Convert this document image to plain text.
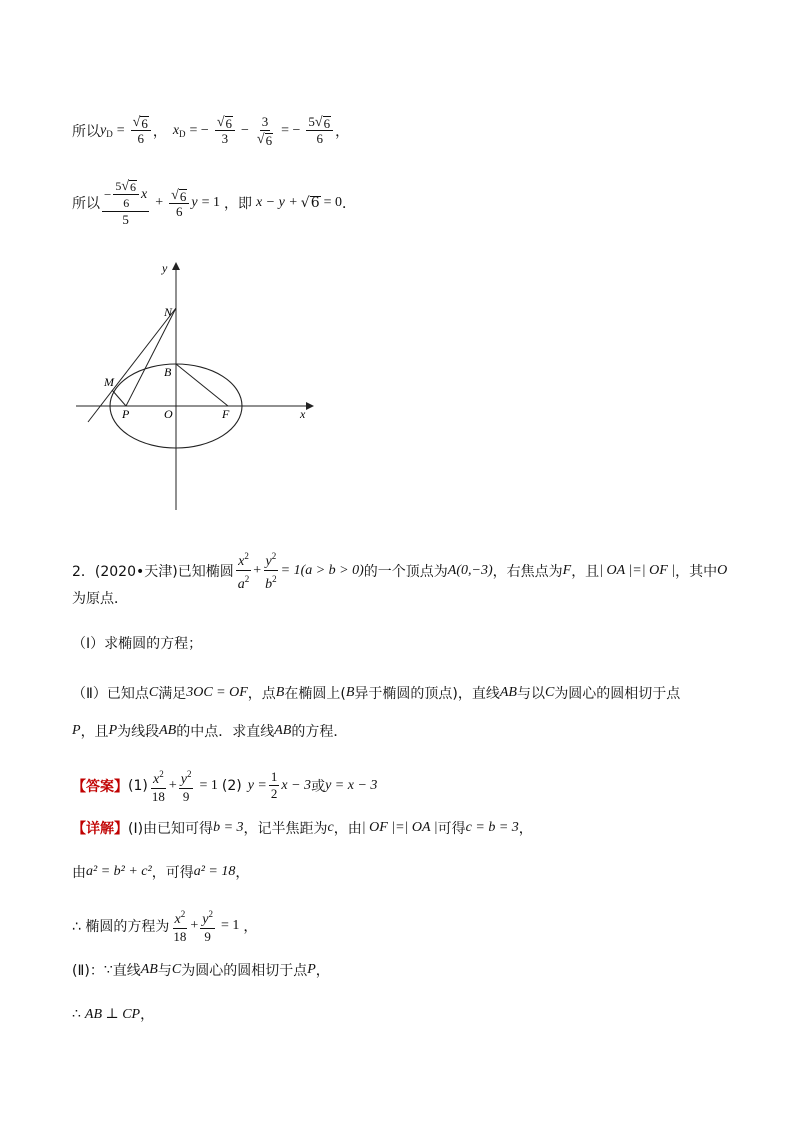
所以 $y_D = \frac{√ 6}{6}$ ， $x_D$ = − $\frac{√ 6}{3} - \frac{3}{√ 6}$ = − $\frac{5 √ 6}{6}$ ，
所以 $\frac{- \frac{5 √ 6}{6} x}{5} + \frac{√ 6}{6}$ y = 1 ，即 x − y + √ 6 = 0 ．
y
x
N
B
M
P	O	F
2．(2020•天津)已知椭圆 $\frac{x^2}{a^2} + \frac{y^2}{b^2} = 1(a > b > 0)$ 的一个顶点为 A(0,−3) ，右焦点为 F ，且 | OA |=| OF | ，其中 O
为原点．
（Ⅰ）求椭圆的方程；
（Ⅱ）已知点 C 满足 3OC = OF ，点 B 在椭圆上( B 异于椭圆的顶点)，直线 AB 与以 C 为圆心的圆相切于点
P ，且 P 为线段 AB 的中点．求直线 AB 的方程．
【答案】 $(1) \frac{x^2}{18} + \frac{y^2}{9} = 1$ (2) $y = \frac{1}{2}$ x − 3 或 y = x − 3
【详解】 (Ⅰ)由已知可得 b = 3 ，记半焦距为 c ，由 | OF |=| OA | 可得 c = b = 3 ，
由 a² = b² + c² ，可得 a² = 18 ，
∴ 椭圆的方程为 $\frac{x^2}{18} + \frac{y^2}{9} = 1$ ，
(Ⅱ)： ∵ 直线 AB 与 C 为圆心的圆相切于点 P ，
∴ AB ⊥ CP ，
